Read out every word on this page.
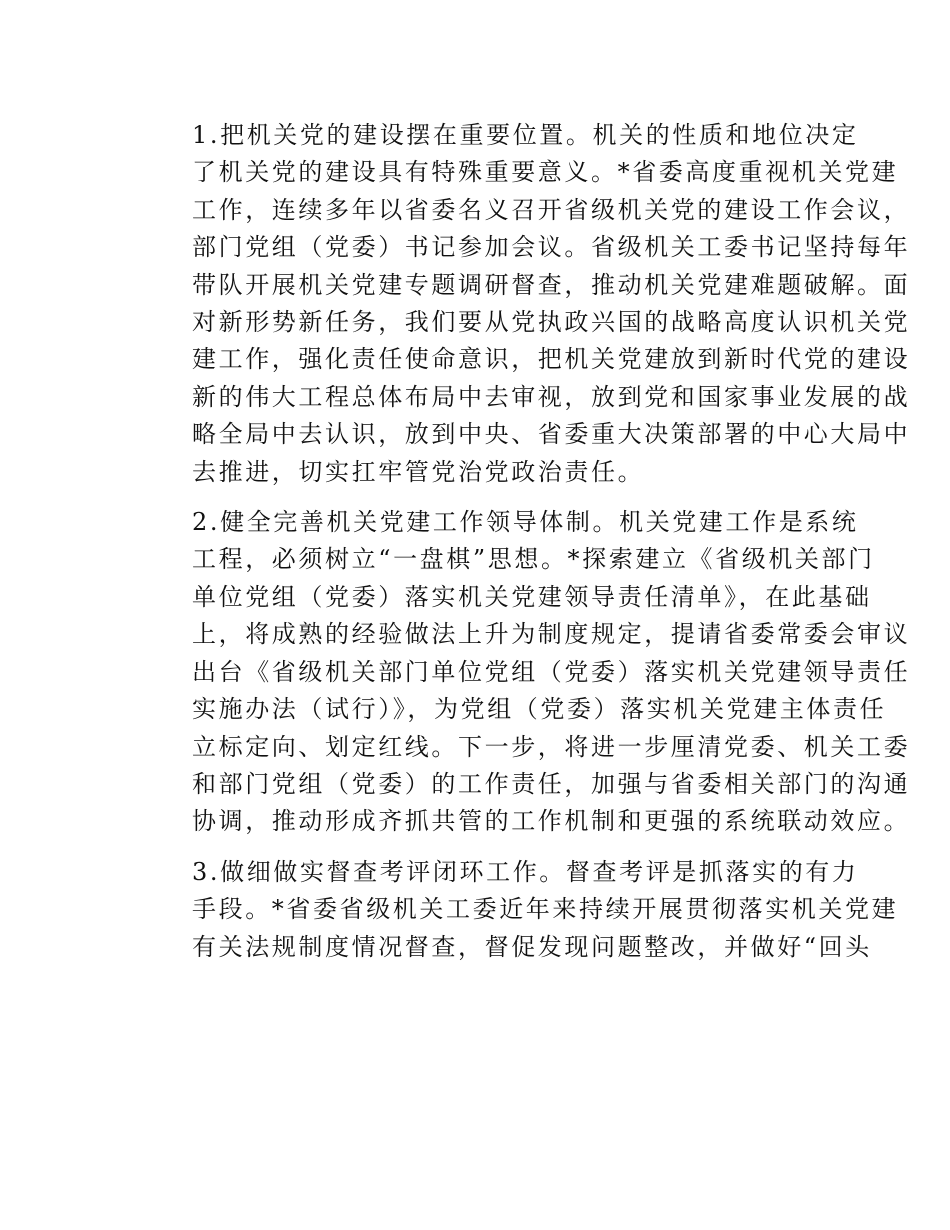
1.把机关党的建设摆在重要位置。机关的性质和地位决定
了机关党的建设具有特殊重要意义。*省委高度重视机关党建
工作，连续多年以省委名义召开省级机关党的建设工作会议，
部门党组（党委）书记参加会议。省级机关工委书记坚持每年
带队开展机关党建专题调研督查，推动机关党建难题破解。面
对新形势新任务，我们要从党执政兴国的战略高度认识机关党
建工作，强化责任使命意识，把机关党建放到新时代党的建设
新的伟大工程总体布局中去审视，放到党和国家事业发展的战
略全局中去认识，放到中央、省委重大决策部署的中心大局中
去推进，切实扛牢管党治党政治责任。
2.健全完善机关党建工作领导体制。机关党建工作是系统
工程，必须树立“一盘棋”思想。*探索建立《省级机关部门
单位党组（党委）落实机关党建领导责任清单》，在此基础
上，将成熟的经验做法上升为制度规定，提请省委常委会审议
出台《省级机关部门单位党组（党委）落实机关党建领导责任
实施办法（试行）》，为党组（党委）落实机关党建主体责任
立标定向、划定红线。下一步，将进一步厘清党委、机关工委
和部门党组（党委）的工作责任，加强与省委相关部门的沟通
协调，推动形成齐抓共管的工作机制和更强的系统联动效应。
3.做细做实督查考评闭环工作。督查考评是抓落实的有力
手段。*省委省级机关工委近年来持续开展贯彻落实机关党建
有关法规制度情况督查，督促发现问题整改，并做好“回头
